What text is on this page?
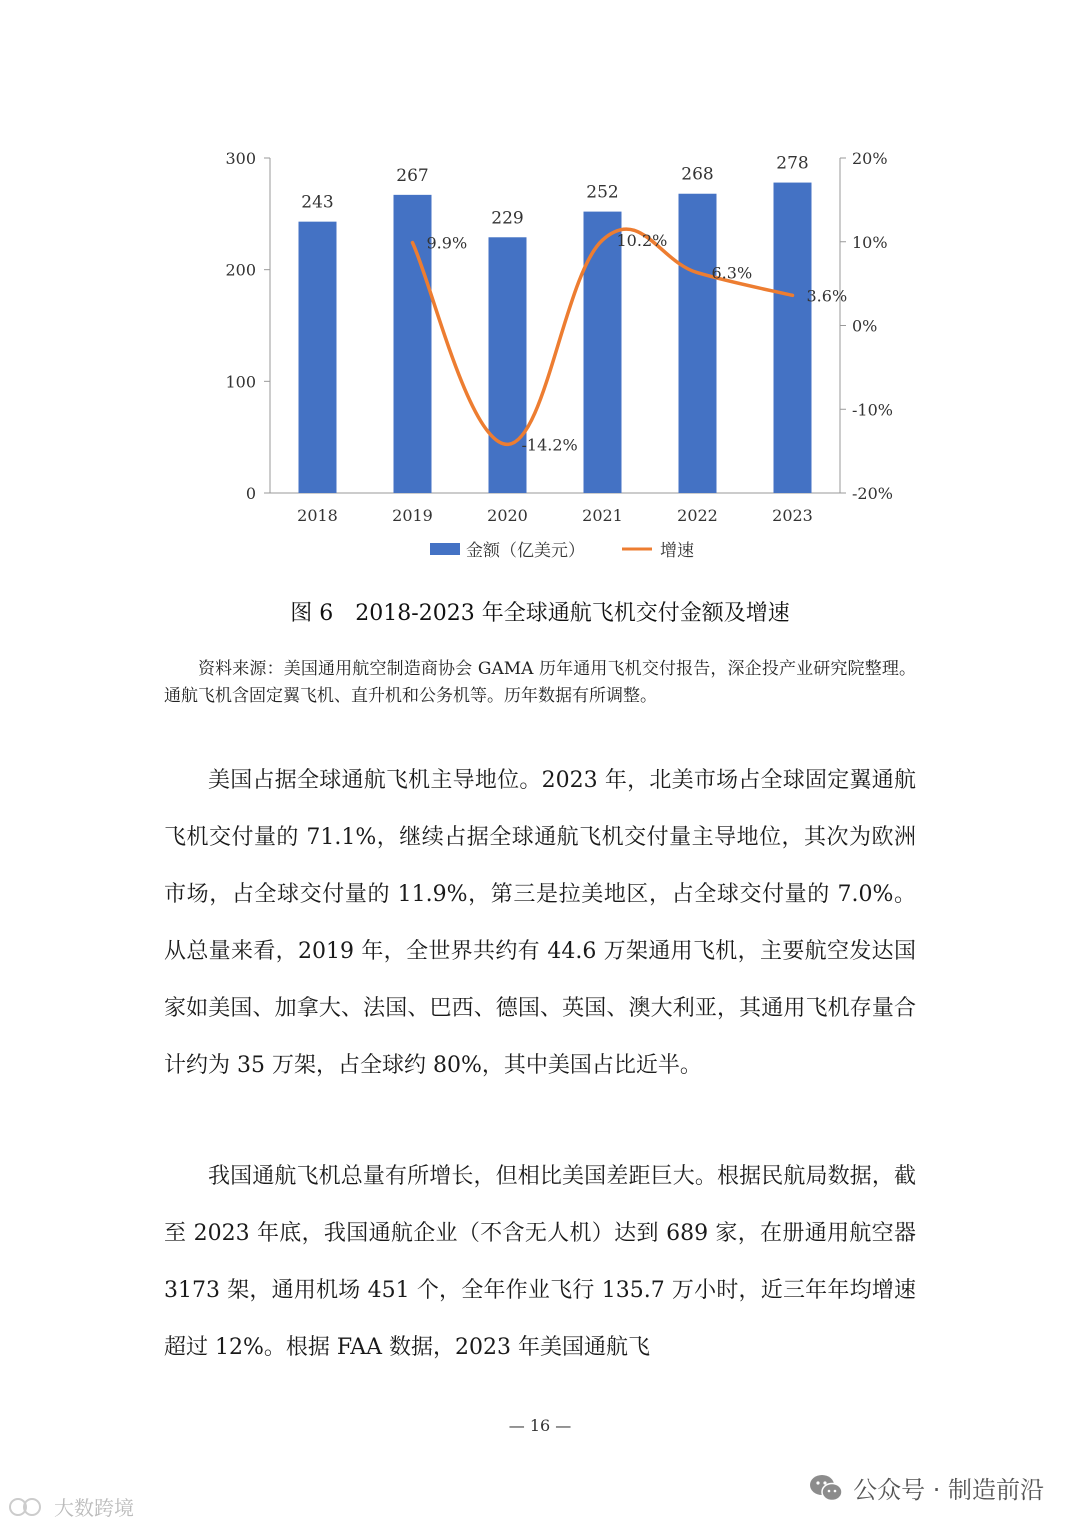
0
100
200
300
-20%
-10%
0%
10%
20%
2018	2019	2020	2021	2022	2023
243
267
229
252
268
278
9.9%
-14.2%
10.2%
6.3%
3.6%
金额（亿美元）	增速
图 6　2018-2023 年全球通航飞机交付金额及增速
资料来源：美国通用航空制造商协会 GAMA 历年通用飞机交付报告，深企投产业研究院整理。通航飞机含固定翼飞机、直升机和公务机等。历年数据有所调整。

美国占据全球通航飞机主导地位。2023 年，北美市场占全球固定翼通航飞机交付量的 71.1%，继续占据全球通航飞机交付量主导地位，其次为欧洲市场，占全球交付量的 11.9%，第三是拉美地区，占全球交付量的 7.0%。从总量来看，2019 年，全世界共约有 44.6 万架通用飞机，主要航空发达国家如美国、加拿大、法国、巴西、德国、英国、澳大利亚，其通用飞机存量合计约为 35 万架，占全球约 80%，其中美国占比近半。

我国通航飞机总量有所增长，但相比美国差距巨大。根据民航局数据，截至 2023 年底，我国通航企业（不含无人机）达到 689 家，在册通用航空器 3173 架，通用机场 451 个，全年作业飞行 135.7 万小时，近三年年均增速超过 12%。根据 FAA 数据，2023 年美国通航飞

— 16 —
公众号 · 制造前沿
大数跨境
